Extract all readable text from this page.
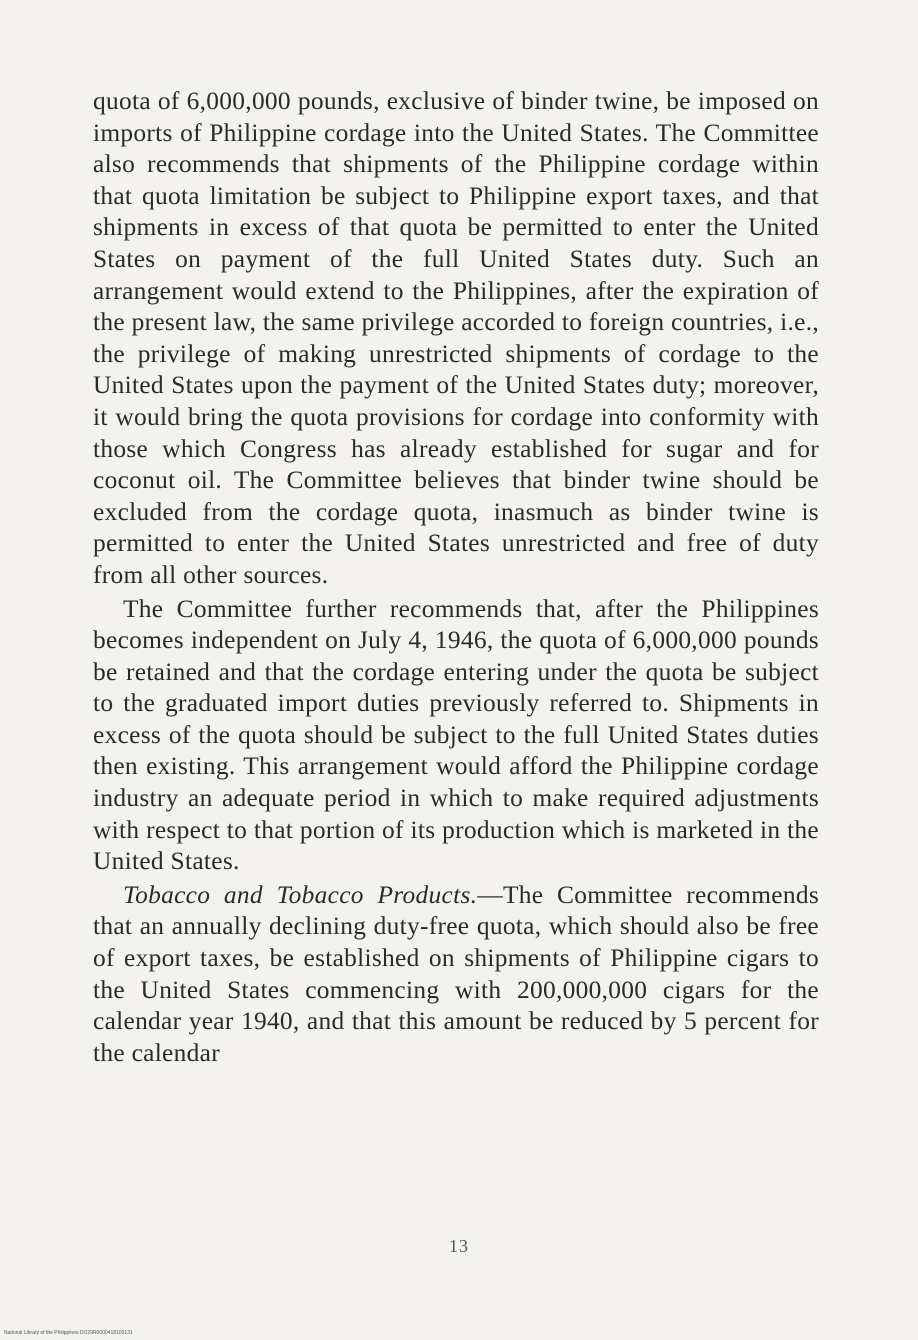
quota of 6,000,000 pounds, exclusive of binder twine, be imposed on imports of Philippine cordage into the United States. The Committee also recommends that shipments of the Philippine cordage within that quota limitation be subject to Philippine export taxes, and that shipments in excess of that quota be permitted to enter the United States on payment of the full United States duty. Such an arrangement would extend to the Philippines, after the expiration of the present law, the same privilege accorded to foreign countries, i.e., the privilege of making unrestricted shipments of cordage to the United States upon the payment of the United States duty; moreover, it would bring the quota provisions for cordage into conformity with those which Congress has already established for sugar and for coconut oil. The Committee believes that binder twine should be excluded from the cordage quota, inasmuch as binder twine is permitted to enter the United States unrestricted and free of duty from all other sources.

The Committee further recommends that, after the Philippines becomes independent on July 4, 1946, the quota of 6,000,000 pounds be retained and that the cordage entering under the quota be subject to the graduated import duties previously referred to. Shipments in excess of the quota should be subject to the full United States duties then existing. This arrangement would afford the Philippine cordage industry an adequate period in which to make required adjustments with respect to that portion of its production which is marketed in the United States.

Tobacco and Tobacco Products.—The Committee recommends that an annually declining duty-free quota, which should also be free of export taxes, be established on shipments of Philippine cigars to the United States commencing with 200,000,000 cigars for the calendar year 1940, and that this amount be reduced by 5 percent for the calendar

13
National Library of the Philippines DO29R0000418100131
